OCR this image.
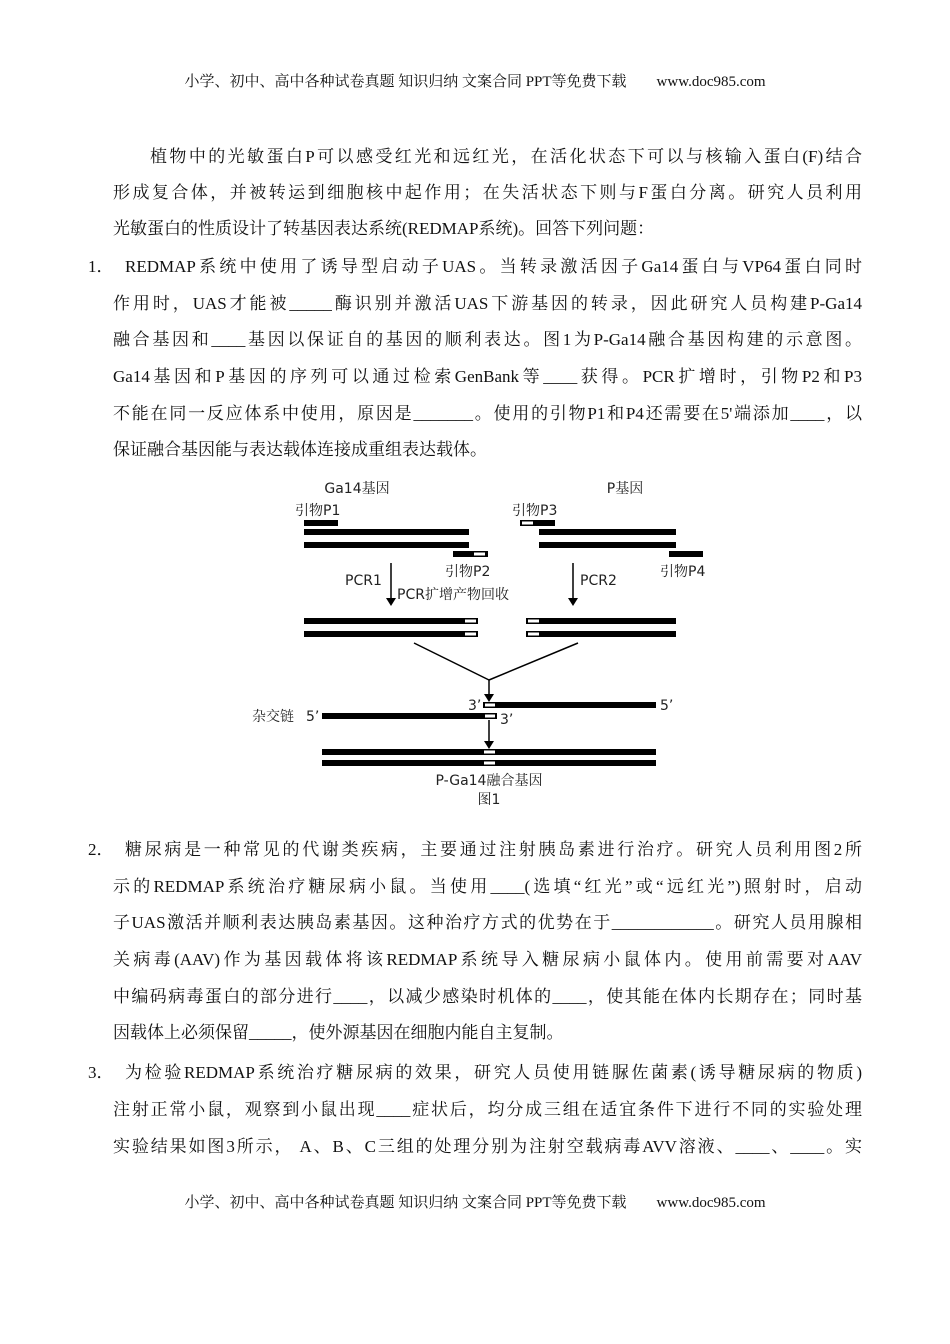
小学、初中、高中各种试卷真题 知识归纳 文案合同 PPT等免费下载 www.doc985.com
植物中的光敏蛋白P可以感受红光和远红光，在活化状态下可以与核输入蛋白(F)结合
形成复合体，并被转运到细胞核中起作用；在失活状态下则与F蛋白分离。研究人员利用
光敏蛋白的性质设计了转基因表达系统(REDMAP系统)。回答下列问题：
1． REDMAP系统中使用了诱导型启动子UAS。当转录激活因子Ga14蛋白与VP64蛋白同时
作用时，UAS才能被_____酶识别并激活UAS下游基因的转录，因此研究人员构建P-Ga14
融合基因和____基因以保证自的基因的顺利表达。图1为P-Ga14融合基因构建的示意图。
Ga14基因和P基因的序列可以通过检索GenBank等____获得。PCR扩增时，引物P2和P3
不能在同一反应体系中使用，原因是_______。使用的引物P1和P4还需要在5'端添加____，以
保证融合基因能与表达载体连接成重组表达载体。
Ga14基因	P基因
引物P1	引物P3
引物P2	引物P4
PCR1
PCR扩增产物回收
PCR2
3’	5’
杂交链 5’	3’
P-Ga14融合基因
图1
2． 糖尿病是一种常见的代谢类疾病，主要通过注射胰岛素进行治疗。研究人员利用图2所
示的REDMAP系统治疗糖尿病小鼠。当使用____(选填“红光”或“远红光”)照射时，启动
子UAS激活并顺利表达胰岛素基因。这种治疗方式的优势在于____________。研究人员用腺相
关病毒(AAV)作为基因载体将该REDMAP系统导入糖尿病小鼠体内。使用前需要对AAV
中编码病毒蛋白的部分进行____，以减少感染时机体的____，使其能在体内长期存在；同时基
因载体上必须保留_____，使外源基因在细胞内能自主复制。
3． 为检验REDMAP系统治疗糖尿病的效果，研究人员使用链脲佐菌素(诱导糖尿病的物质)
注射正常小鼠，观察到小鼠出现____症状后，均分成三组在适宜条件下进行不同的实验处理
实验结果如图3所示， A、B、C三组的处理分别为注射空载病毒AVV溶液、____、____。实
小学、初中、高中各种试卷真题 知识归纳 文案合同 PPT等免费下载 www.doc985.com
